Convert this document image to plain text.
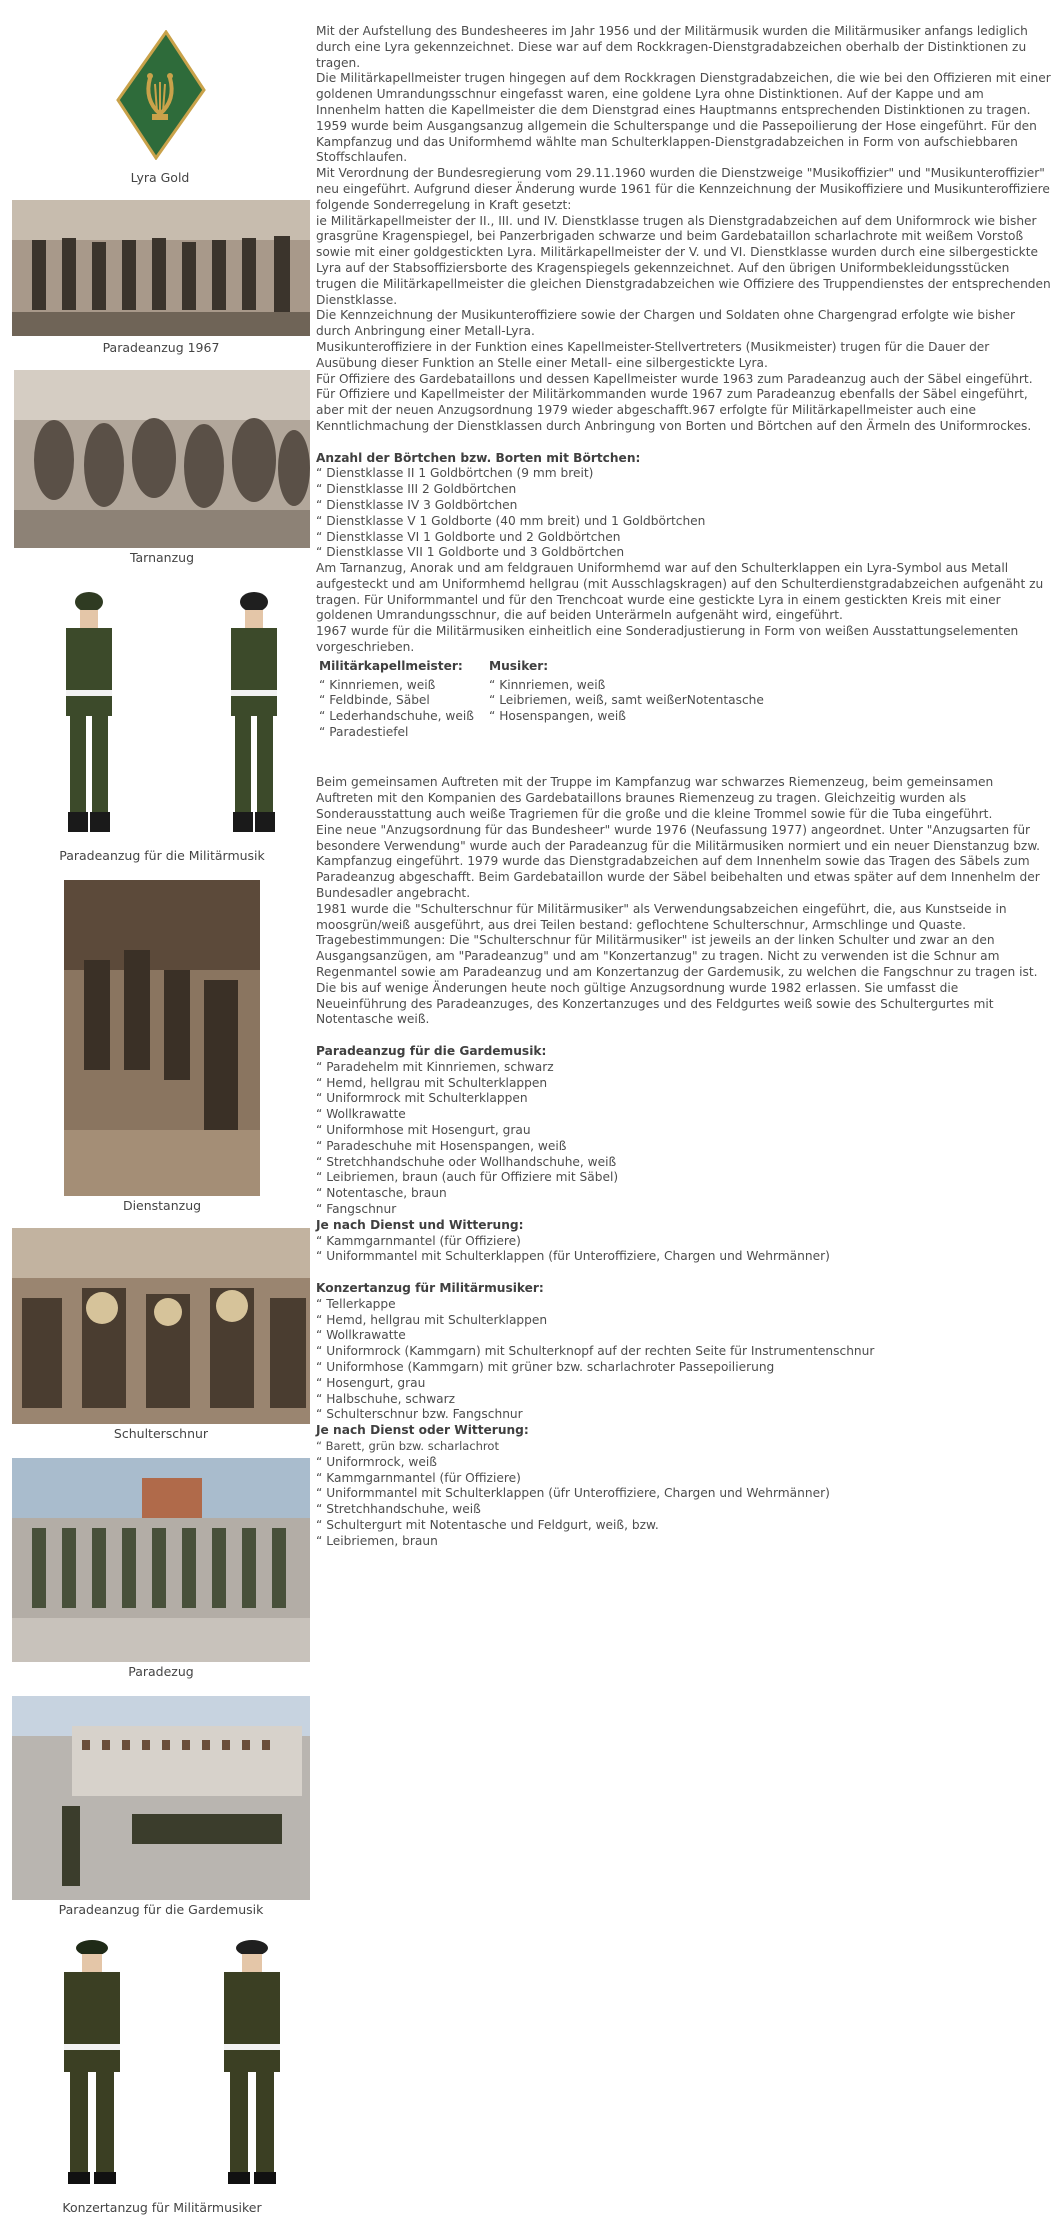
Lyra Gold
Paradeanzug 1967
Tarnanzug
Paradeanzug für die Militärmusik
Dienstanzug
Schulterschnur
Paradezug
Paradeanzug für die Gardemusik
Konzertanzug für Militärmusiker

Mit der Aufstellung des Bundesheeres im Jahr 1956 und der Militärmusik wurden die Militärmusiker anfangs lediglich durch eine Lyra gekennzeichnet. Diese war auf dem Rockkragen-Dienstgradabzeichen oberhalb der Distinktionen zu tragen.

Die Militärkapellmeister trugen hingegen auf dem Rockkragen Dienstgradabzeichen, die wie bei den Offizieren mit einer goldenen Umrandungsschnur eingefasst waren, eine goldene Lyra ohne Distinktionen. Auf der Kappe und am Innenhelm hatten die Kapellmeister die dem Dienstgrad eines Hauptmanns entsprechenden Distinktionen zu tragen.

1959 wurde beim Ausgangsanzug allgemein die Schulterspange und die Passepoilierung der Hose eingeführt. Für den Kampfanzug und das Uniformhemd wählte man Schulterklappen-Dienstgradabzeichen in Form von aufschiebbaren Stoffschlaufen.

Mit Verordnung der Bundesregierung vom 29.11.1960 wurden die Dienstzweige "Musikoffizier" und "Musikunteroffizier" neu eingeführt. Aufgrund dieser Änderung wurde 1961 für die Kennzeichnung der Musikoffiziere und Musikunteroffiziere folgende Sonderregelung in Kraft gesetzt:

ie Militärkapellmeister der II., III. und IV. Dienstklasse trugen als Dienstgradabzeichen auf dem Uniformrock wie bisher grasgrüne Kragenspiegel, bei Panzerbrigaden schwarze und beim Gardebataillon scharlachrote mit weißem Vorstoß sowie mit einer goldgestickten Lyra. Militärkapellmeister der V. und VI. Dienstklasse wurden durch eine silbergestickte Lyra auf der Stabsoffiziersborte des Kragenspiegels gekennzeichnet. Auf den übrigen Uniformbekleidungsstücken trugen die Militärkapellmeister die gleichen Dienstgradabzeichen wie Offiziere des Truppendienstes der entsprechenden Dienstklasse.

Die Kennzeichnung der Musikunteroffiziere sowie der Chargen und Soldaten ohne Chargengrad erfolgte wie bisher durch Anbringung einer Metall-Lyra.

Musikunteroffiziere in der Funktion eines Kapellmeister-Stellvertreters (Musikmeister) trugen für die Dauer der Ausübung dieser Funktion an Stelle einer Metall- eine silbergestickte Lyra.

Für Offiziere des Gardebataillons und dessen Kapellmeister wurde 1963 zum Paradeanzug auch der Säbel eingeführt. Für Offiziere und Kapellmeister der Militärkommanden wurde 1967 zum Paradeanzug ebenfalls der Säbel eingeführt, aber mit der neuen Anzugsordnung 1979 wieder abgeschafft.967 erfolgte für Militärkapellmeister auch eine Kenntlichmachung der Dienstklassen durch Anbringung von Borten und Börtchen auf den Ärmeln des Uniformrockes.

Anzahl der Börtchen bzw. Borten mit Börtchen:

“ Dienstklasse II 1 Goldbörtchen (9 mm breit)
“ Dienstklasse III 2 Goldbörtchen
“ Dienstklasse IV 3 Goldbörtchen
“ Dienstklasse V 1 Goldborte (40 mm breit) und 1 Goldbörtchen
“ Dienstklasse VI 1 Goldborte und 2 Goldbörtchen
“ Dienstklasse VII 1 Goldborte und 3 Goldbörtchen

Am Tarnanzug, Anorak und am feldgrauen Uniformhemd war auf den Schulterklappen ein Lyra-Symbol aus Metall aufgesteckt und am Uniformhemd hellgrau (mit Ausschlagskragen) auf den Schulterdienstgradabzeichen aufgenäht zu tragen. Für Uniformmantel und für den Trenchcoat wurde eine gestickte Lyra in einem gestickten Kreis mit einer goldenen Umrandungsschnur, die auf beiden Unterärmeln aufgenäht wird, eingeführt.

1967 wurde für die Militärmusiken einheitlich eine Sonderadjustierung in Form von weißen Ausstattungselementen vorgeschrieben.

Militärkapellmeister:
“ Kinnriemen, weiß
“ Feldbinde, Säbel
“ Lederhandschuhe, weiß
“ Paradestiefel
Musiker:
“ Kinnriemen, weiß
“ Leibriemen, weiß, samt weißerNotentasche
“ Hosenspangen, weiß

Beim gemeinsamen Auftreten mit der Truppe im Kampfanzug war schwarzes Riemenzeug, beim gemeinsamen Auftreten mit den Kompanien des Gardebataillons braunes Riemenzeug zu tragen. Gleichzeitig wurden als Sonderausstattung auch weiße Tragriemen für die große und die kleine Trommel sowie für die Tuba eingeführt.

Eine neue "Anzugsordnung für das Bundesheer" wurde 1976 (Neufassung 1977) angeordnet. Unter "Anzugsarten für besondere Verwendung" wurde auch der Paradeanzug für die Militärmusiken normiert und ein neuer Dienstanzug bzw. Kampfanzug eingeführt. 1979 wurde das Dienstgradabzeichen auf dem Innenhelm sowie das Tragen des Säbels zum Paradeanzug abgeschafft. Beim Gardebataillon wurde der Säbel beibehalten und etwas später auf dem Innenhelm der Bundesadler angebracht.

1981 wurde die "Schulterschnur für Militärmusiker" als Verwendungsabzeichen eingeführt, die, aus Kunstseide in moosgrün/weiß ausgeführt, aus drei Teilen bestand: geflochtene Schulterschnur, Armschlinge und Quaste. Tragebestimmungen: Die "Schulterschnur für Militärmusiker" ist jeweils an der linken Schulter und zwar an den Ausgangsanzügen, am "Paradeanzug" und am "Konzertanzug" zu tragen. Nicht zu verwenden ist die Schnur am Regenmantel sowie am Paradeanzug und am Konzertanzug der Gardemusik, zu welchen die Fangschnur zu tragen ist.

Die bis auf wenige Änderungen heute noch gültige Anzugsordnung wurde 1982 erlassen. Sie umfasst die Neueinführung des Paradeanzuges, des Konzertanzuges und des Feldgurtes weiß sowie des Schultergurtes mit Notentasche weiß.

Paradeanzug für die Gardemusik:

“ Paradehelm mit Kinnriemen, schwarz
“ Hemd, hellgrau mit Schulterklappen
“ Uniformrock mit Schulterklappen
“ Wollkrawatte
“ Uniformhose mit Hosengurt, grau
“ Paradeschuhe mit Hosenspangen, weiß
“ Stretchhandschuhe oder Wollhandschuhe, weiß
“ Leibriemen, braun (auch für Offiziere mit Säbel)
“ Notentasche, braun
“ Fangschnur

Je nach Dienst und Witterung:

“ Kammgarnmantel (für Offiziere)
“ Uniformmantel mit Schulterklappen (für Unteroffiziere, Chargen und Wehrmänner)

Konzertanzug für Militärmusiker:

“ Tellerkappe
“ Hemd, hellgrau mit Schulterklappen
“ Wollkrawatte
“ Uniformrock (Kammgarn) mit Schulterknopf auf der rechten Seite für Instrumentenschnur
“ Uniformhose (Kammgarn) mit grüner bzw. scharlachroter Passepoilierung
“ Hosengurt, grau
“ Halbschuhe, schwarz
“ Schulterschnur bzw. Fangschnur

Je nach Dienst oder Witterung:

“ Barett, grün bzw. scharlachrot
“ Uniformrock, weiß
“ Kammgarnmantel (für Offiziere)
“ Uniformmantel mit Schulterklappen (üfr Unteroffiziere, Chargen und Wehrmänner)
“ Stretchhandschuhe, weiß
“ Schultergurt mit Notentasche und Feldgurt, weiß, bzw.
“ Leibriemen, braun
